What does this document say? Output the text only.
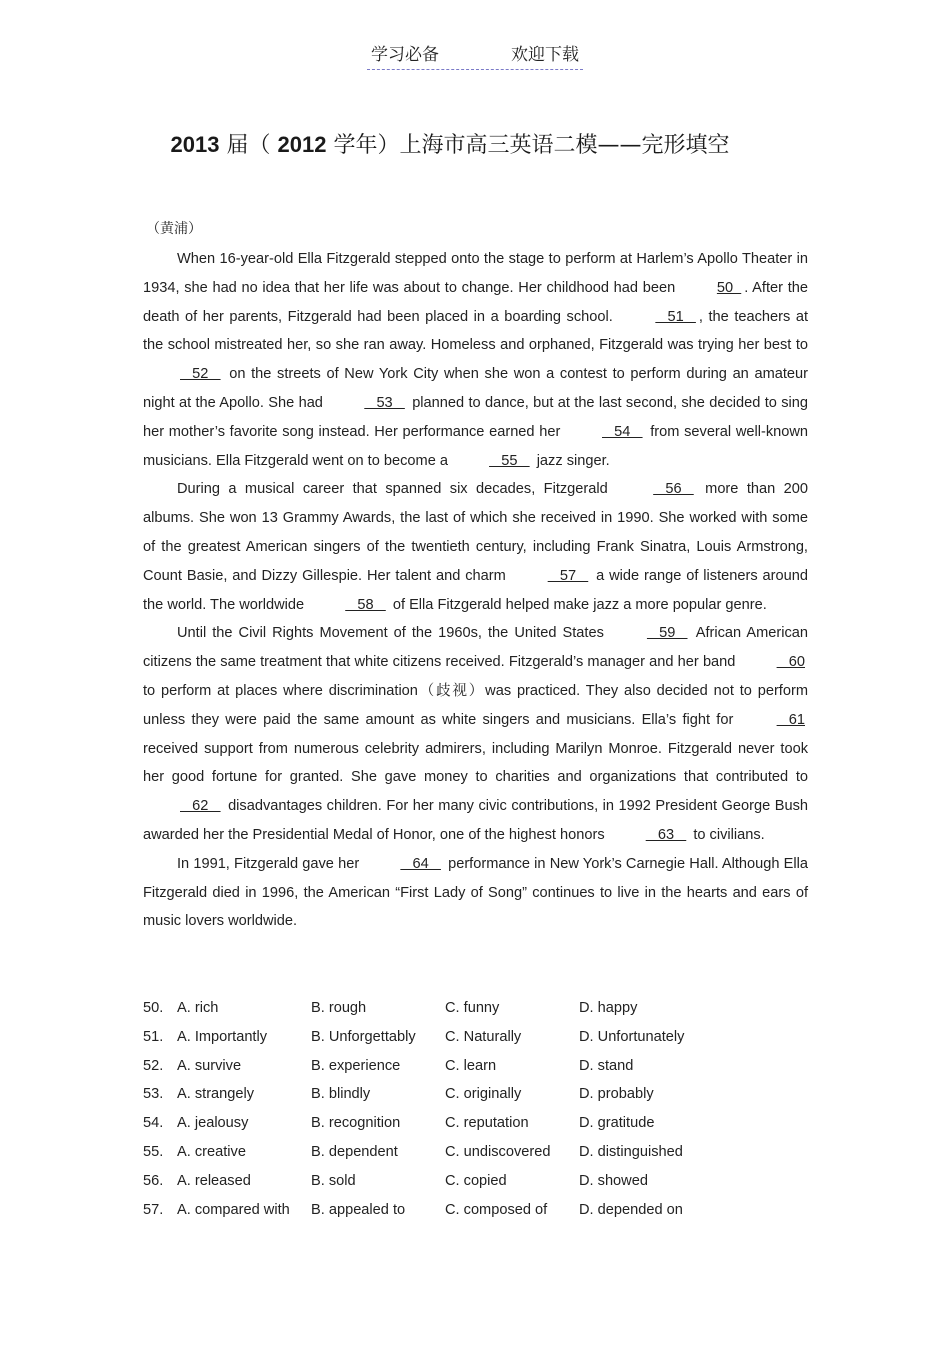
学习必备	欢迎下载
2013 届（ 2012 学年）上海市高三英语二模——完形填空
（黄浦）

When 16-year-old Ella Fitzgerald stepped onto the stage to perform at Harlem’s Apollo Theater in 1934, she had no idea that her life was about to change. Her childhood had been	50  . After the death of her parents, Fitzgerald had been placed in a boarding school.	51   , the teachers at the school mistreated her, so she ran away. Homeless and orphaned, Fitzgerald was trying her best to    52    on the streets of New York City when she won a contest to perform during an amateur night at the Apollo. She had	53    planned to dance, but at the last second, she decided to sing her mother’s favorite song instead. Her performance earned her	54    from several well-known musicians. Ella Fitzgerald went on to become a	55    jazz singer.

During a musical career that spanned six decades, Fitzgerald	56    more than 200 albums. She won 13 Grammy Awards, the last of which she received in 1990. She worked with some of the greatest American singers of the twentieth century, including Frank Sinatra, Louis Armstrong, Count Basie, and Dizzy Gillespie. Her talent and charm	57    a wide range of listeners around the world. The worldwide	58    of Ella Fitzgerald helped make jazz a more popular genre.

Until the Civil Rights Movement of the 1960s, the United States	59    African American citizens the same treatment that white citizens received. Fitzgerald’s manager and her band	60 to perform at places where discrimination（歧视）was practiced. They also decided not to perform unless they were paid the same amount as white singers and musicians. Ella’s fight for	61 received support from numerous celebrity admirers, including Marilyn Monroe. Fitzgerald never took her good fortune for granted. She gave money to charities and organizations that contributed to    62    disadvantages children. For her many civic contributions, in 1992 President George Bush awarded her the Presidential Medal of Honor, one of the highest honors	63    to civilians.

In 1991, Fitzgerald gave her	64    performance in New York’s Carnegie Hall. Although Ella Fitzgerald died in 1996, the American “First Lady of Song” continues to live in the hearts and ears of music lovers worldwide.

50. A. rich	B. rough	C. funny	D. happy
51. A. Importantly	B. Unforgettably C. Naturally	D. Unfortunately
52. A. survive	B. experience	C. learn	D. stand
53. A. strangely	B. blindly	C. originally	D. probably
54. A. jealousy	B. recognition	C. reputation	D. gratitude
55. A. creative	B. dependent	C. undiscovered D. distinguished
56. A. released	B. sold	C. copied	D. showed
57. A. compared with B. appealed to	C. composed of D. depended on
